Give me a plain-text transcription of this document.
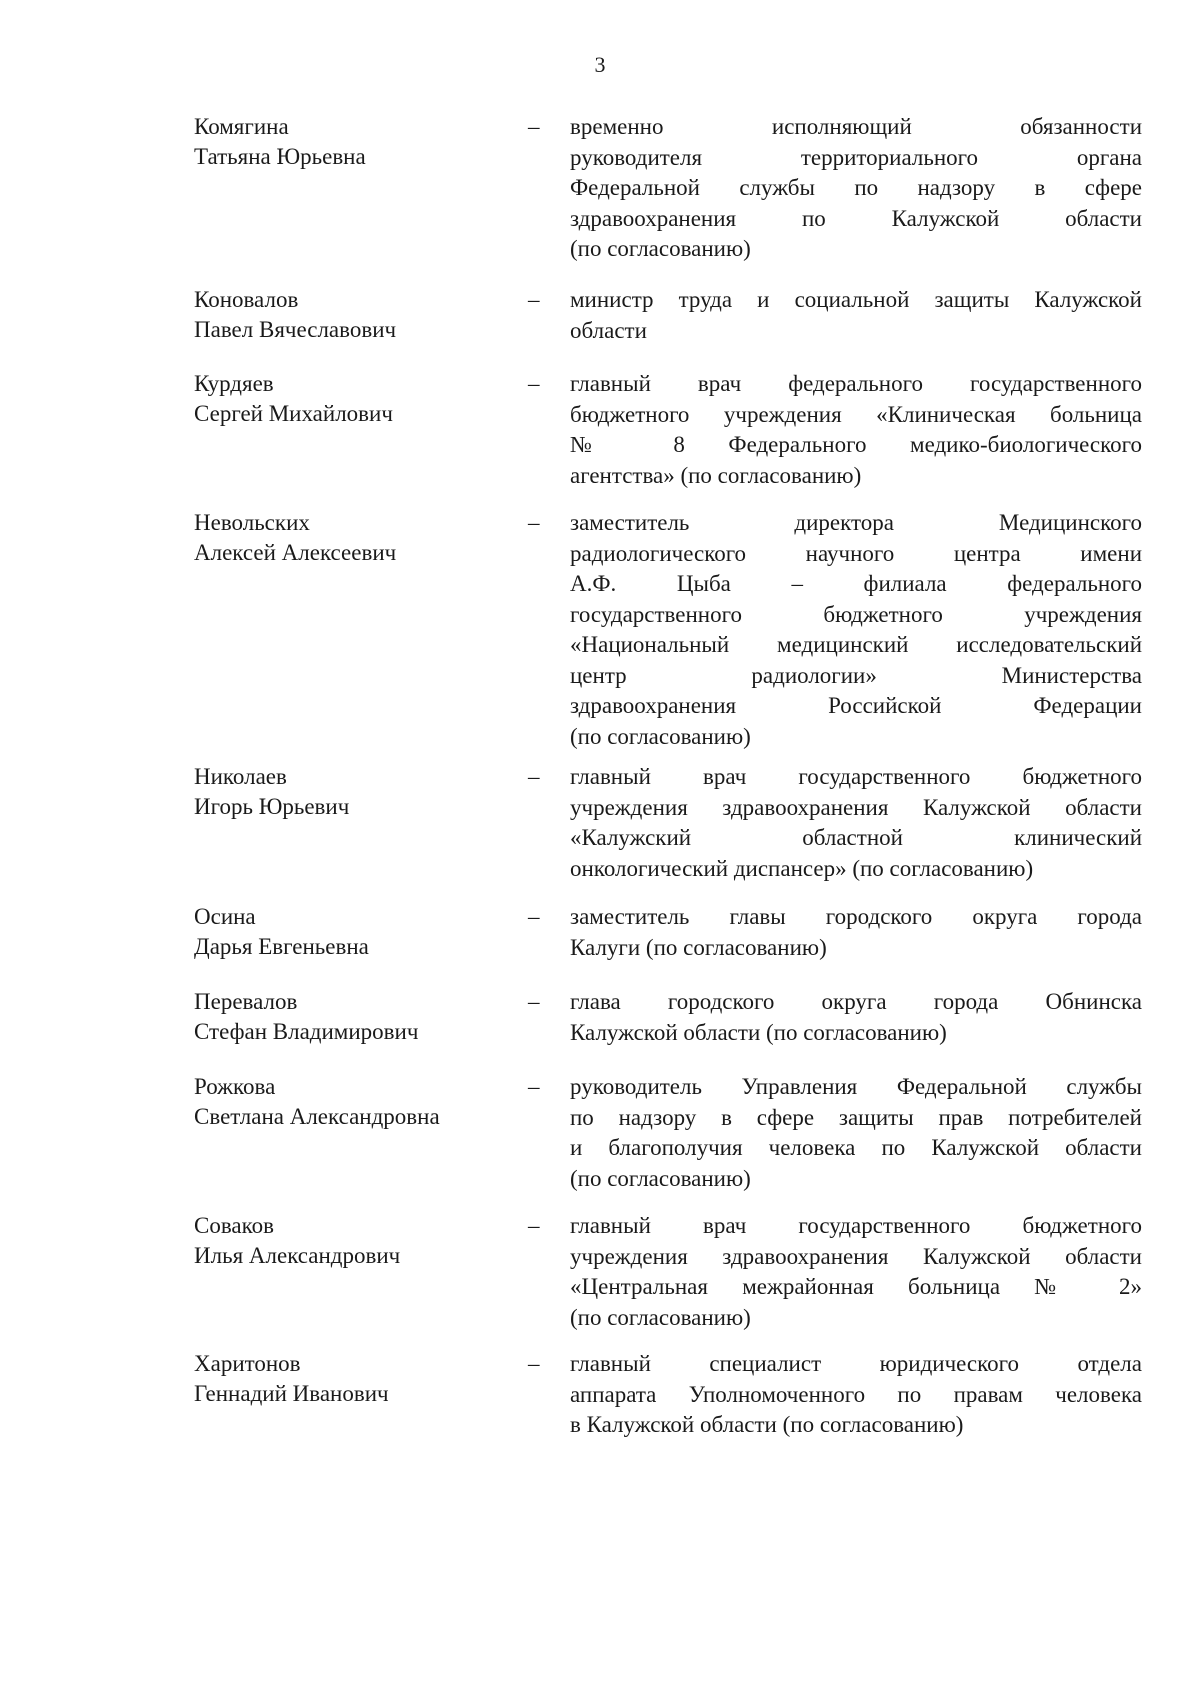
3
Комягина
Татьяна Юрьевна
–	временно исполняющий обязанности
руководителя территориального органа
Федеральной службы по надзору в сфере
здравоохранения по Калужской области
(по согласованию)
Коновалов
Павел Вячеславович
–	министр труда и социальной защиты Калужской
области
Курдяев
Сергей Михайлович
–	главный врач федерального государственного
бюджетного учреждения «Клиническая больница
№ 8 Федерального медико-биологического
агентства» (по согласованию)
Невольских
Алексей Алексеевич
–	заместитель директора Медицинского
радиологического научного центра имени
А.Ф. Цыба – филиала федерального
государственного бюджетного учреждения
«Национальный медицинский исследовательский
центр радиологии» Министерства
здравоохранения Российской Федерации
(по согласованию)
Николаев
Игорь Юрьевич
–	главный врач государственного бюджетного
учреждения здравоохранения Калужской области
«Калужский областной клинический
онкологический диспансер» (по согласованию)
Осина
Дарья Евгеньевна
–	заместитель главы городского округа города
Калуги (по согласованию)
Перевалов
Стефан Владимирович
–	глава городского округа города Обнинска
Калужской области (по согласованию)
Рожкова
Светлана Александровна
–	руководитель Управления Федеральной службы
по надзору в сфере защиты прав потребителей
и благополучия человека по Калужской области
(по согласованию)
Соваков
Илья Александрович
–	главный врач государственного бюджетного
учреждения здравоохранения Калужской области
«Центральная межрайонная больница № 2»
(по согласованию)
Харитонов
Геннадий Иванович
–	главный специалист юридического отдела
аппарата Уполномоченного по правам человека
в Калужской области (по согласованию)
